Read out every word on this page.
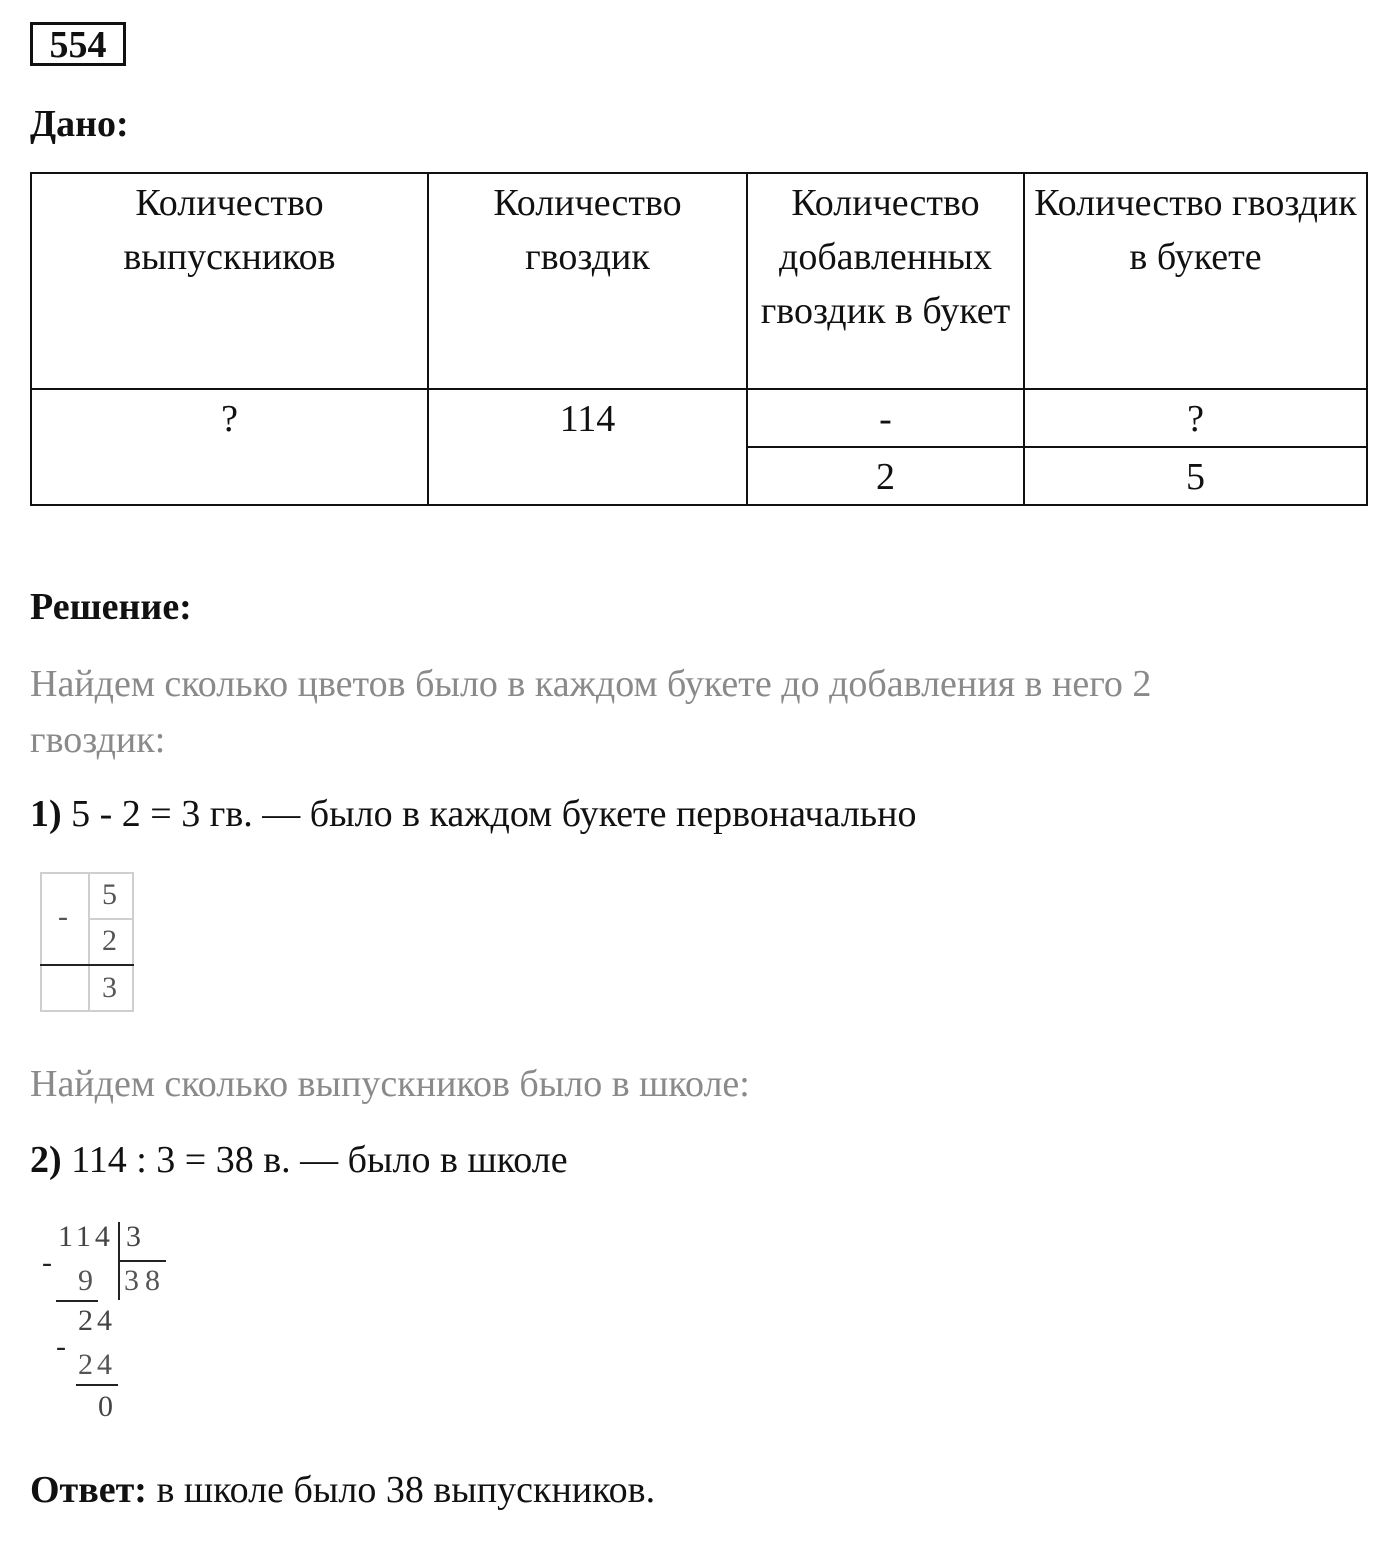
554
Дано:
Количество выпускников	Количество гвоздик	Количество добавленных гвоздик в букет	Количество гвоздик в букете
?	114	-	?
		2	5
Решение:
Найдем сколько цветов было в каждом букете до добавления в него 2
гвоздик:
1) 5 - 2 = 3 гв. — было в каждом букете первоначально
-
5
2
3
Найдем сколько выпускников было в школе:
2) 114 : 3 = 38 в. — было в школе
114 3
38
-
9
24
-
24
0
Ответ: в школе было 38 выпускников.
